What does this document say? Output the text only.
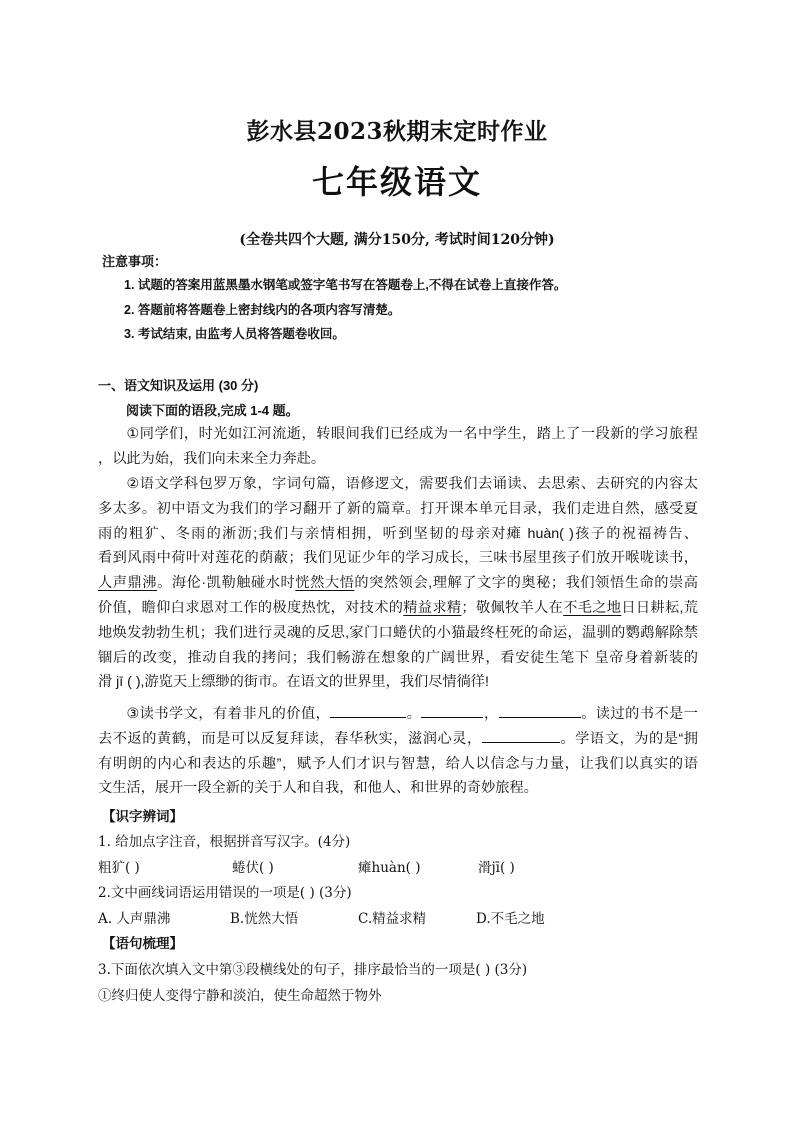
彭水县2023秋期末定时作业
七年级语文
(全卷共四个大题, 满分150分, 考试时间120分钟)
注意事项：
1. 试题的答案用蓝黑墨水钢笔或签字笔书写在答题卷上,不得在试卷上直接作答。
2. 答题前将答题卷上密封线内的各项内容写清楚。
3. 考试结束, 由监考人员将答题卷收回。
一、语文知识及运用 (30 分)
阅读下面的语段,完成 1-4 题。
①同学们，时光如江河流逝，转眼间我们已经成为一名中学生，踏上了一段新的学习旅程
，以此为始，我们向未来全力奔赴。
②语文学科包罗万象，字词句篇，语修逻文，需要我们去诵读、去思索、去研究的内容太
多太多。初中语文为我们的学习翻开了新的篇章。打开课本单元目录，我们走进自然，感受夏
雨的粗犷、冬雨的淅沥;我们与亲情相拥，听到坚韧的母亲对瘫 huàn( )孩子的祝福祷告、
看到风雨中荷叶对莲花的荫蔽；我们见证少年的学习成长，三味书屋里孩子们放开喉咙读书，
人声鼎沸。海伦·凯勒触碰水时恍然大悟的突然领会,理解了文字的奥秘；我们领悟生命的崇高
价值，瞻仰白求恩对工作的极度热忱，对技术的精益求精；敬佩牧羊人在不毛之地日日耕耘,荒
地焕发勃勃生机；我们进行灵魂的反思,家门口蜷伏的小猫最终枉死的命运，温驯的鹦鹉解除禁
锢后的改变，推动自我的拷问；我们畅游在想象的广阔世界，看安徒生笔下 皇帝身着新装的
滑 jī ( ),游览天上缥缈的街市。在语文的世界里，我们尽情徜徉!
③读书学文，有着非凡的价值，	。	，	。读过的书不是一
去不返的黄鹤，而是可以反复拜读，春华秋实，滋润心灵，	。学语文，为的是“拥
有明朗的内心和表达的乐趣”，赋予人们才识与智慧，给人以信念与力量，让我们以真实的语
文生活，展开一段全新的关于人和自我，和他人、和世界的奇妙旅程。
【识字辨词】
1. 给加点字注音，根据拼音写汉字。(4分)
粗犷( )	蜷伏( )	瘫huàn( )	滑jī( )
2.文中画线词语运用错误的一项是( ) (3分)
A. 人声鼎沸	B.恍然大悟	C.精益求精	D.不毛之地
【语句梳理】
3.下面依次填入文中第③段横线处的句子，排序最恰当的一项是( ) (3分)
①终归使人变得宁静和淡泊，使生命超然于物外
